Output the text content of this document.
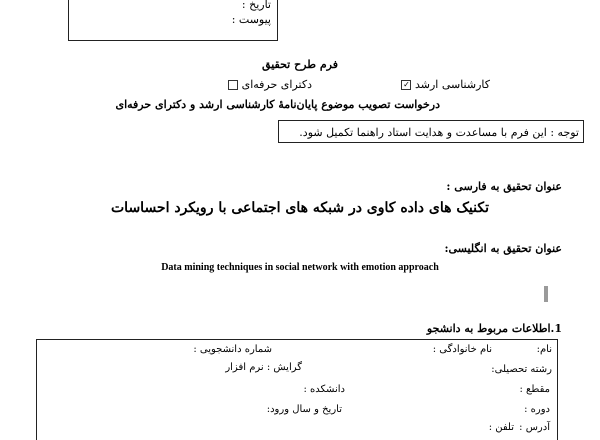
تاریخ :
پیوست :
فرم طرح تحقیق
کارشناسی ارشد ✓
دکترای حرفه‌ای
درخواست تصویب موضوع پایان‌نامۀ کارشناسی ارشد و دکترای حرفه‌ای
توجه : این فرم با مساعدت و هدایت استاد راهنما تکمیل شود.
عنوان تحقیق به فارسی :
تکنیک های داده کاوی در شبکه های اجتماعی با رویکرد احساسات
عنوان تحقیق به انگلیسی:
Data mining techniques in social network with emotion approach
1.اطلاعات مربوط به دانشجو
نام:
نام خانوادگی :
شماره دانشجویی :
رشته تحصیلی:
گرایش : نرم افزار
مقطع :
دانشکده :
دوره :
تاریخ و سال ورود:
آدرس :
تلفن :
